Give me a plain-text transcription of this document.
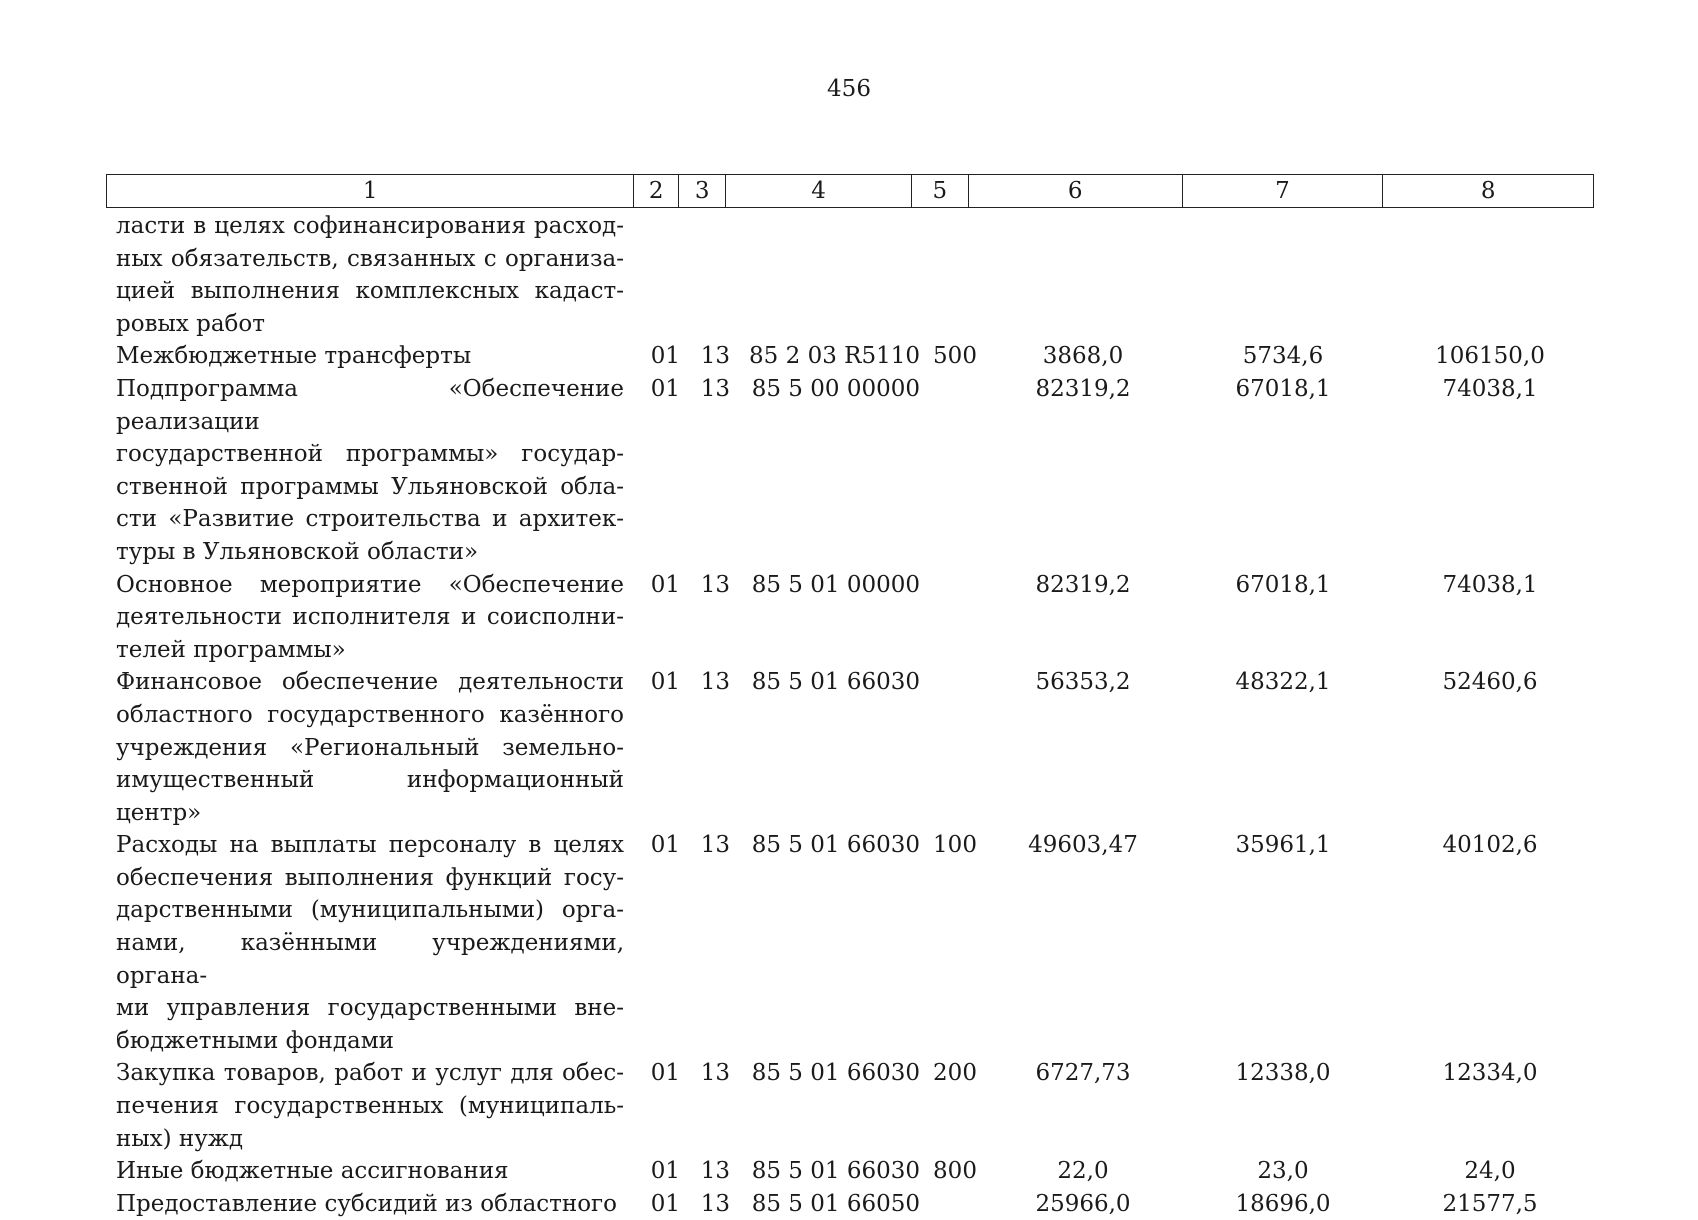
456
1	2	3	4	5	6	7	8
ласти в целях софинансирования расход-
ных обязательств, связанных с организа-
цией выполнения комплексных кадаст-
ровых работ
Межбюджетные трансферты	01 13 85 2 03 R5110 500	3868,0	5734,6	106150,0
Подпрограмма «Обеспечение реализации
государственной программы» государ-
ственной программы Ульяновской обла-
сти «Развитие строительства и архитек-
туры в Ульяновской области»
01 13 85 5 00 00000	82319,2	67018,1	74038,1
Основное мероприятие «Обеспечение
деятельности исполнителя и соисполни-
телей программы»
01 13 85 5 01 00000	82319,2	67018,1	74038,1
Финансовое обеспечение деятельности
областного государственного казённого
учреждения «Региональный земельно-
имущественный информационный центр»
01 13 85 5 01 66030	56353,2	48322,1	52460,6
Расходы на выплаты персоналу в целях
обеспечения выполнения функций госу-
дарственными (муниципальными) орга-
нами, казёнными учреждениями, органа-
ми управления государственными вне-
бюджетными фондами
01 13 85 5 01 66030 100	49603,47	35961,1	40102,6
Закупка товаров, работ и услуг для обес-
печения государственных (муниципаль-
ных) нужд
01 13 85 5 01 66030 200	6727,73	12338,0	12334,0
Иные бюджетные ассигнования	01 13 85 5 01 66030 800	22,0	23,0	24,0
Предоставление субсидий из областного	01 13 85 5 01 66050	25966,0	18696,0	21577,5
